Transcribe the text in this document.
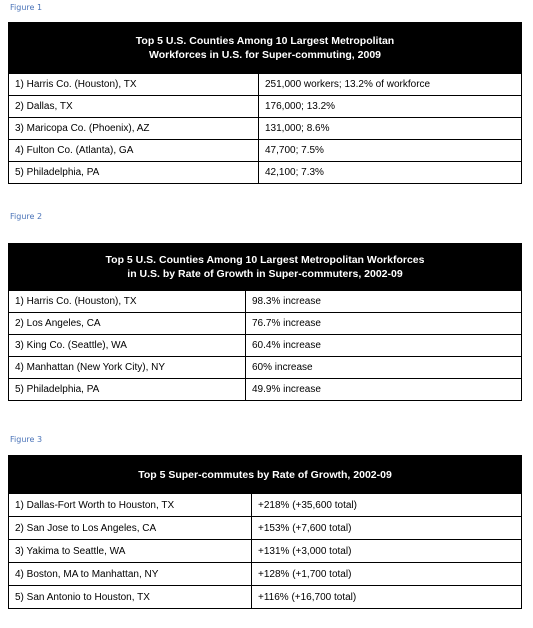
Figure 1
Top 5 U.S. Counties Among 10 Largest Metropolitan
Workforces in U.S. for Super-commuting, 2009	

1) Harris Co. (Houston), TX	251,000 workers; 13.2% of workforce
2) Dallas, TX	176,000; 13.2%
3) Maricopa Co. (Phoenix), AZ	131,000; 8.6%
4) Fulton Co. (Atlanta), GA	47,700; 7.5%
5) Philadelphia, PA	42,100; 7.3%
Figure 2
Top 5 U.S. Counties Among 10 Largest Metropolitan Workforces
in U.S. by Rate of Growth in Super-commuters, 2002-09	

1) Harris Co. (Houston), TX	98.3% increase
2) Los Angeles, CA	76.7% increase
3) King Co. (Seattle), WA	60.4% increase
4) Manhattan (New York City), NY	60% increase
5) Philadelphia, PA	49.9% increase
Figure 3
Top 5 Super-commutes by Rate of Growth, 2002-09	

1) Dallas-Fort Worth to Houston, TX	+218% (+35,600 total)
2) San Jose to Los Angeles, CA	+153% (+7,600 total)
3) Yakima to Seattle, WA	+131% (+3,000 total)
4) Boston, MA to Manhattan, NY	+128% (+1,700 total)
5) San Antonio to Houston, TX	+116% (+16,700 total)
